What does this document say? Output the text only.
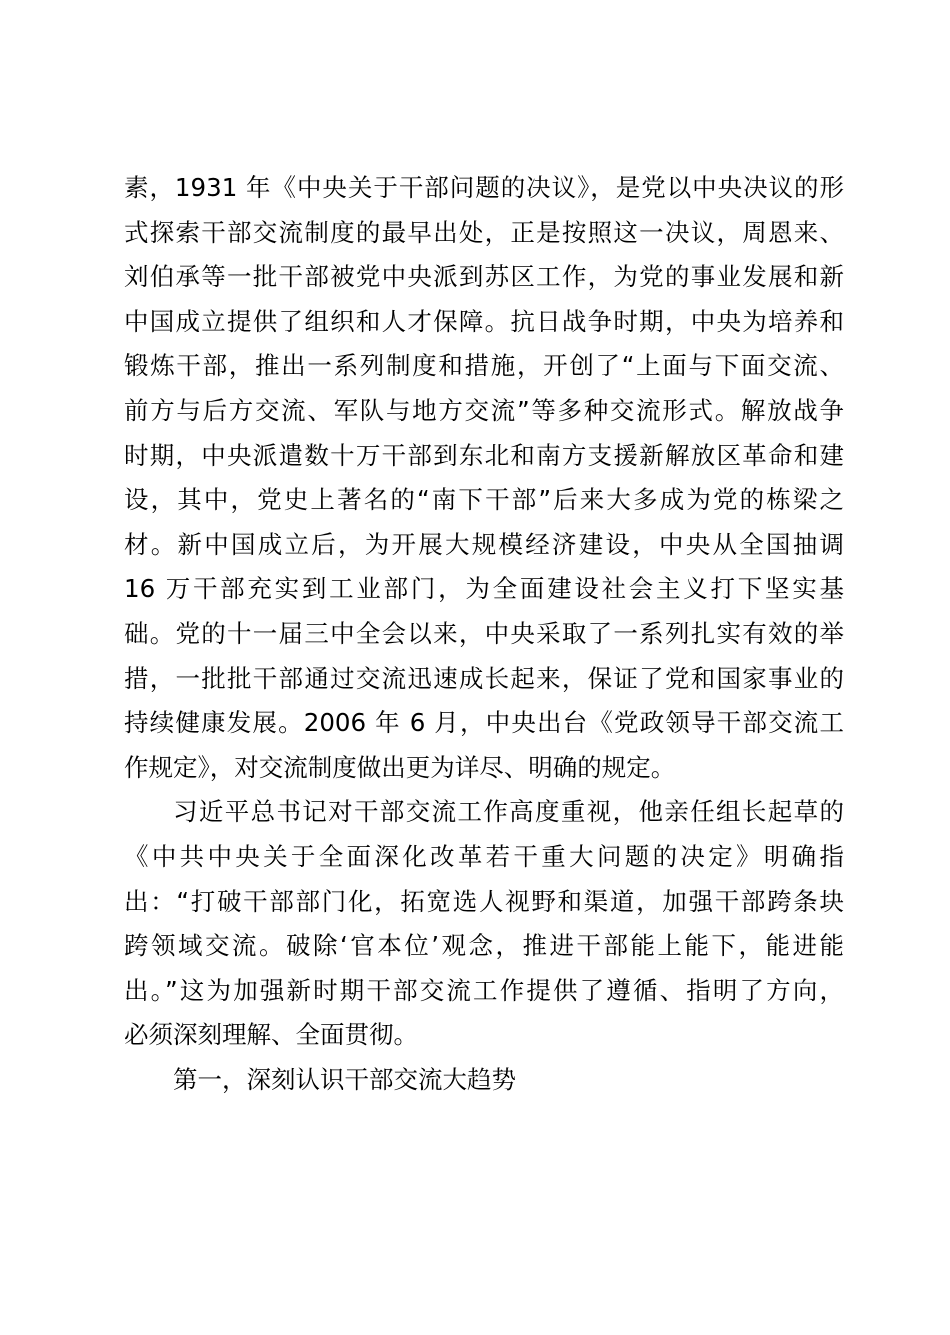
素，1931 年《中央关于干部问题的决议》，是党以中央决议的形
式探索干部交流制度的最早出处，正是按照这一决议，周恩来、
刘伯承等一批干部被党中央派到苏区工作，为党的事业发展和新
中国成立提供了组织和人才保障。抗日战争时期，中央为培养和
锻炼干部，推出一系列制度和措施，开创了“上面与下面交流、
前方与后方交流、军队与地方交流”等多种交流形式。解放战争
时期，中央派遣数十万干部到东北和南方支援新解放区革命和建
设，其中，党史上著名的“南下干部”后来大多成为党的栋梁之
材。新中国成立后，为开展大规模经济建设，中央从全国抽调
16 万干部充实到工业部门，为全面建设社会主义打下坚实基
础。党的十一届三中全会以来，中央采取了一系列扎实有效的举
措，一批批干部通过交流迅速成长起来，保证了党和国家事业的
持续健康发展。2006 年 6 月，中央出台《党政领导干部交流工
作规定》，对交流制度做出更为详尽、明确的规定。
习近平总书记对干部交流工作高度重视，他亲任组长起草的
《中共中央关于全面深化改革若干重大问题的决定》明确指
出：“打破干部部门化，拓宽选人视野和渠道，加强干部跨条块
跨领域交流。破除‘官本位’观念，推进干部能上能下，能进能
出。”这为加强新时期干部交流工作提供了遵循、指明了方向，
必须深刻理解、全面贯彻。
第一，深刻认识干部交流大趋势
